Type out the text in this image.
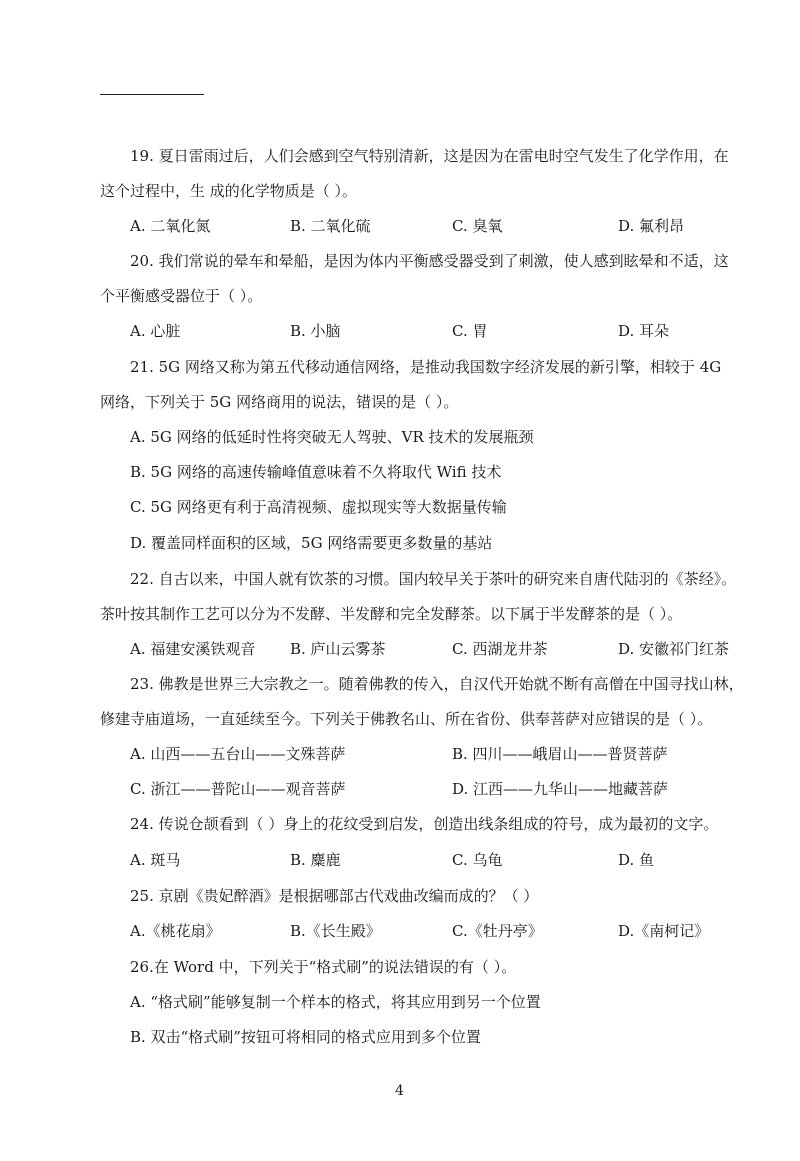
19. 夏日雷雨过后，人们会感到空气特别清新，这是因为在雷电时空气发生了化学作用，在
这个过程中，生 成的化学物质是（ ）。
A. 二氧化氮	B. 二氧化硫	C. 臭氧	D. 氟利昂
20. 我们常说的晕车和晕船，是因为体内平衡感受器受到了刺激，使人感到眩晕和不适，这
个平衡感受器位于（ ）。
A. 心脏	B. 小脑	C. 胃	D. 耳朵
21. 5G 网络又称为第五代移动通信网络，是推动我国数字经济发展的新引擎，相较于 4G
网络，下列关于 5G 网络商用的说法，错误的是（ ）。
A. 5G 网络的低延时性将突破无人驾驶、VR 技术的发展瓶颈
B. 5G 网络的高速传输峰值意味着不久将取代 Wifi 技术
C. 5G 网络更有利于高清视频、虚拟现实等大数据量传输
D. 覆盖同样面积的区域，5G 网络需要更多数量的基站
22. 自古以来，中国人就有饮茶的习惯。国内较早关于茶叶的研究来自唐代陆羽的《茶经》。
茶叶按其制作工艺可以分为不发酵、半发酵和完全发酵茶。以下属于半发酵茶的是（ ）。
A. 福建安溪铁观音 B. 庐山云雾茶	C. 西湖龙井茶	D. 安徽祁门红茶
23. 佛教是世界三大宗教之一。随着佛教的传入，自汉代开始就不断有高僧在中国寻找山林，
修建寺庙道场，一直延续至今。下列关于佛教名山、所在省份、供奉菩萨对应错误的是（ ）。
A. 山西——五台山——文殊菩萨	B. 四川——峨眉山——普贤菩萨
C. 浙江——普陀山——观音菩萨	D. 江西——九华山——地藏菩萨
24. 传说仓颉看到（ ）身上的花纹受到启发，创造出线条组成的符号，成为最初的文字。
A. 斑马	B. 麋鹿	C. 乌龟	D. 鱼
25. 京剧《贵妃醉酒》是根据哪部古代戏曲改编而成的？（ ）
A.《桃花扇》	B.《长生殿》	C.《牡丹亭》	D.《南柯记》
26.在 Word 中，下列关于“格式刷”的说法错误的有（ ）。
A. “格式刷”能够复制一个样本的格式，将其应用到另一个位置
B. 双击“格式刷”按钮可将相同的格式应用到多个位置
4
